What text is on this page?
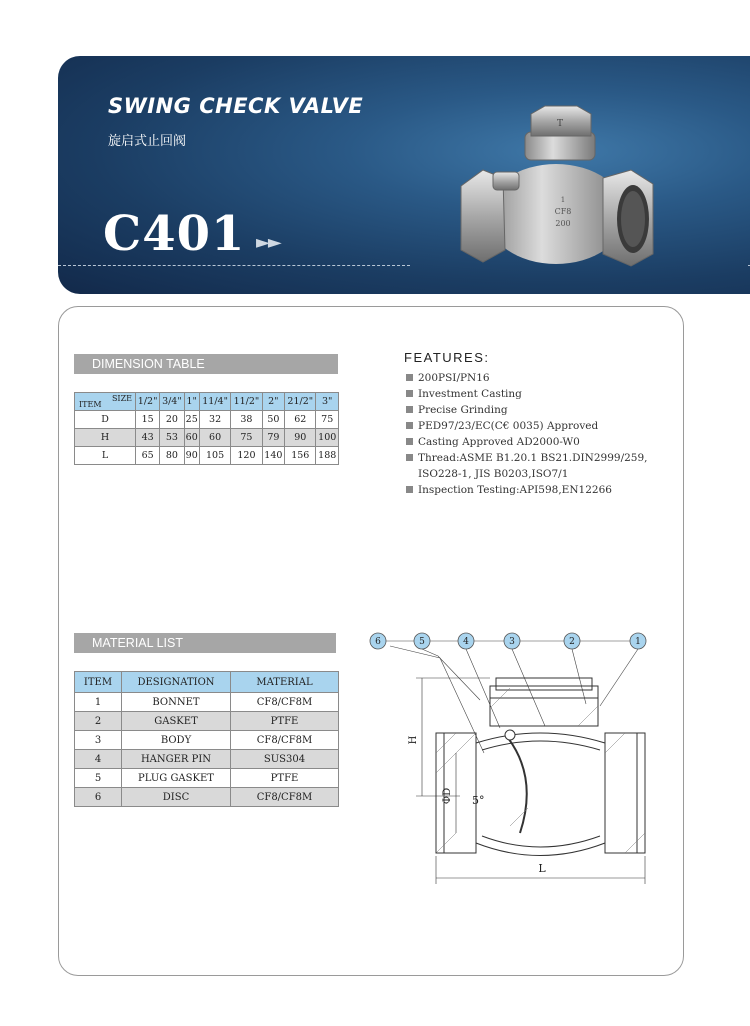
SWING CHECK VALVE
旋启式止回阀
C401 ►►
T
1
CF8
200
DIMENSION TABLE
SIZE
ITEM	1/2"	3/4"	1"	11/4"	11/2"	2"	21/2"	3"
D	15	20	25	32	38	50	62	75
H	43	53	60	60	75	79	90	100
L	65	80	90	105	120	140	156	188
FEATURES:
200PSI/PN16
Investment Casting
Precise Grinding
PED97/23/EC(C€ 0035) Approved
Casting Approved AD2000-W0
Thread:ASME B1.20.1 BS21.DIN2999/259, ISO228-1, JIS B0203,ISO7/1
Inspection Testing:API598,EN12266
MATERIAL LIST
ITEM	DESIGNATION	MATERIAL
1	BONNET	CF8/CF8M
2	GASKET	PTFE
3	BODY	CF8/CF8M
4	HANGER PIN	SUS304
5	PLUG GASKET	PTFE
6	DISC	CF8/CF8M
6	5	4	3	2	1
H
ΦD
L
5°
